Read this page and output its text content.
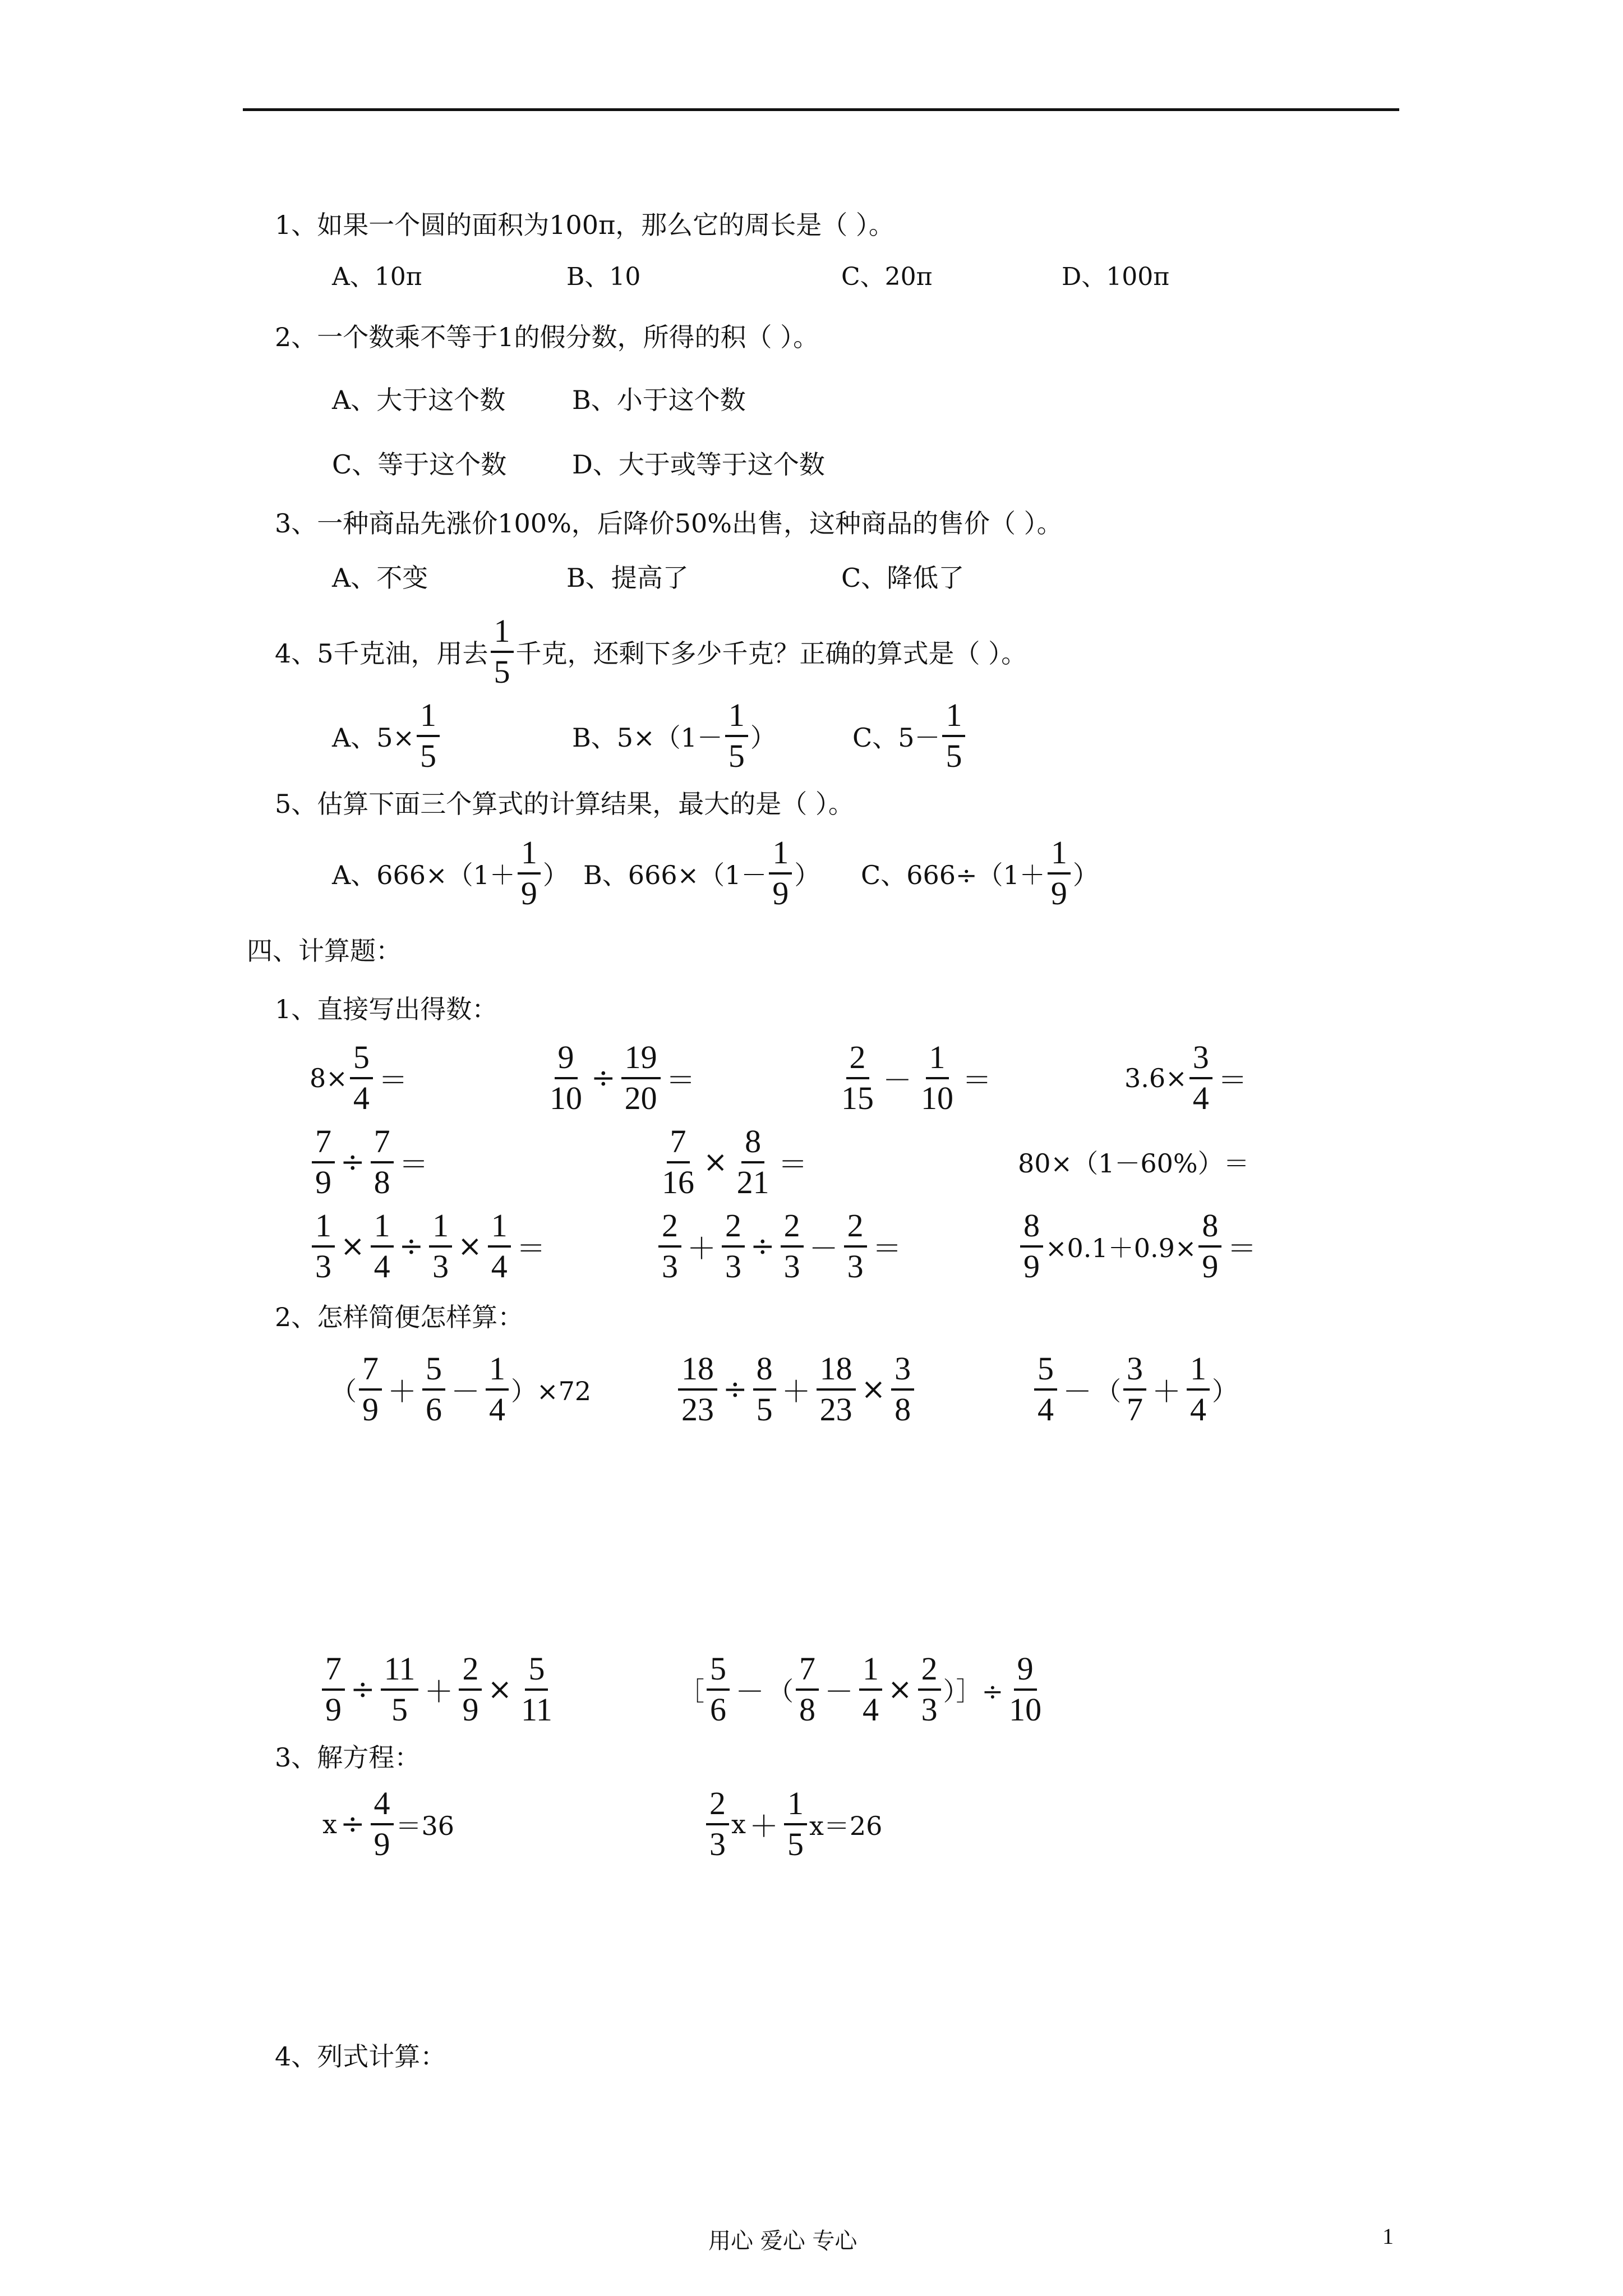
1、如果一个圆的面积为100π，那么它的周长是（ ）。
A、10π	B、10	C、20π	D、100π
2、一个数乘不等于1的假分数，所得的积（ ）。
A、大于这个数	B、小于这个数
C、等于这个数	D、大于或等于这个数
3、一种商品先涨价100%，后降价50%出售，这种商品的售价（ ）。
A、不变	B、提高了	C、降低了
4、5千克油，用去 $\frac{1}{5}$ 千克，还剩下多少千克？正确的算式是（ ）。
A、$5\times \frac{1}{5}$	B、$5\times(1- \frac{1}{5}$ ）	C、$5- \frac{1}{5}$
5、估算下面三个算式的计算结果，最大的是（ ）。
A、$666\times(1+ \frac{1}{9}$ ） B、$666\times(1- \frac{1}{9}$ ） C、$666\div(1+ \frac{1}{9}$ ）
四、计算题：
1、直接写出得数：
$8\times \frac{5}{4}$ ＝	$\frac{9}{10} \div \frac{19}{20}$ ＝	$\frac{2}{15} - \frac{1}{10}$ ＝	$3.6\times \frac{3}{4}$ ＝
$\frac{7}{9} \div \frac{7}{8}$ ＝	$\frac{7}{16} \times \frac{8}{21}$ ＝	80×（1－60%）＝
$\frac{1}{3} \times \frac{1}{4} \div \frac{1}{3} \times \frac{1}{4}$ ＝	$\frac{2}{3} + \frac{2}{3} \div \frac{2}{3} - \frac{2}{3}$ ＝	$\frac{8}{9} \times 0.1+0.9\times \frac{8}{9}$ ＝
2、怎样简便怎样算：
（ $\frac{7}{9} + \frac{5}{6} - \frac{1}{4} )\times 72$	$\frac{18}{23} \div \frac{8}{5} + \frac{18}{23} \times \frac{3}{8}$	$\frac{5}{4}$ － （ $\frac{3}{7} + \frac{1}{4}$ ）
$\frac{7}{9} \div \frac{11}{5} + \frac{2}{9} \times \frac{5}{11}$	［ $\frac{5}{6}$ － （ $\frac{7}{8} - \frac{1}{4} \times \frac{2}{3}$ ）］÷ $\frac{9}{10}$
3、解方程：
$x \div \frac{4}{9} =36$	$\frac{2}{3}$ $x + \frac{1}{5} x=26$
4、列式计算：
用心 爱心 专心	1
